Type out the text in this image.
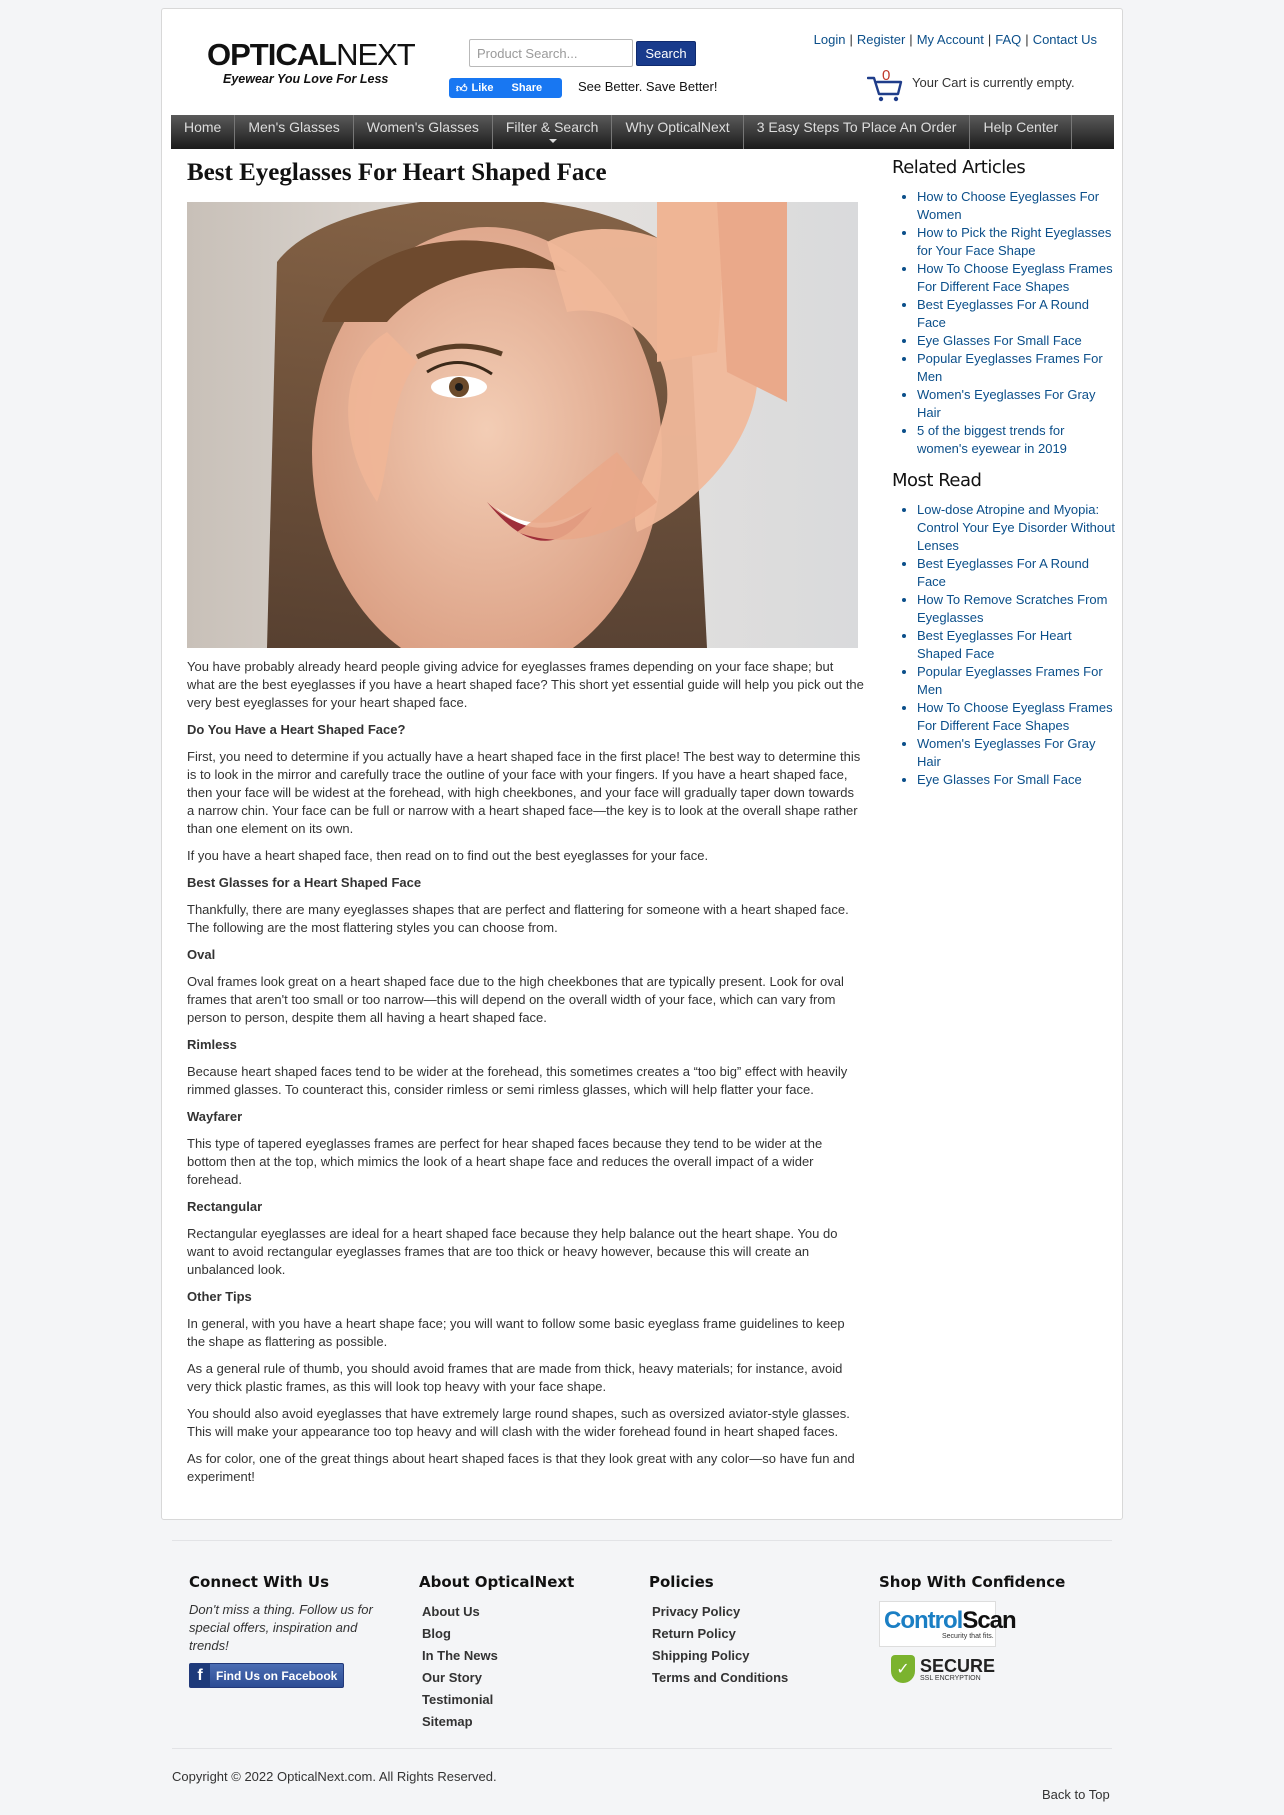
OPTICALNEXT
Eyewear You Love For Less
Product Search...
Search
👍︎ Like Share	See Better. Save Better!
Login | Register | My Account | FAQ | Contact Us
0 Your Cart is currently empty.
Home	Men's Glasses	Women's Glasses	Filter & Search	Why OpticalNext	3 Easy Steps To Place An Order	Help Center
Best Eyeglasses For Heart Shaped Face

You have probably already heard people giving advice for eyeglasses frames depending on your face shape; but what are the best eyeglasses if you have a heart shaped face? This short yet essential guide will help you pick out the very best eyeglasses for your heart shaped face.

Do You Have a Heart Shaped Face?

First, you need to determine if you actually have a heart shaped face in the first place! The best way to determine this is to look in the mirror and carefully trace the outline of your face with your fingers. If you have a heart shaped face, then your face will be widest at the forehead, with high cheekbones, and your face will gradually taper down towards a narrow chin. Your face can be full or narrow with a heart shaped face—the key is to look at the overall shape rather than one element on its own.

If you have a heart shaped face, then read on to find out the best eyeglasses for your face.

Best Glasses for a Heart Shaped Face

Thankfully, there are many eyeglasses shapes that are perfect and flattering for someone with a heart shaped face. The following are the most flattering styles you can choose from.

Oval

Oval frames look great on a heart shaped face due to the high cheekbones that are typically present. Look for oval frames that aren't too small or too narrow—this will depend on the overall width of your face, which can vary from person to person, despite them all having a heart shaped face.

Rimless

Because heart shaped faces tend to be wider at the forehead, this sometimes creates a “too big” effect with heavily rimmed glasses. To counteract this, consider rimless or semi rimless glasses, which will help flatter your face.

Wayfarer

This type of tapered eyeglasses frames are perfect for hear shaped faces because they tend to be wider at the bottom then at the top, which mimics the look of a heart shape face and reduces the overall impact of a wider forehead.

Rectangular

Rectangular eyeglasses are ideal for a heart shaped face because they help balance out the heart shape. You do want to avoid rectangular eyeglasses frames that are too thick or heavy however, because this will create an unbalanced look.

Other Tips

In general, with you have a heart shape face; you will want to follow some basic eyeglass frame guidelines to keep the shape as flattering as possible.

As a general rule of thumb, you should avoid frames that are made from thick, heavy materials; for instance, avoid very thick plastic frames, as this will look top heavy with your face shape.

You should also avoid eyeglasses that have extremely large round shapes, such as oversized aviator-style glasses. This will make your appearance too top heavy and will clash with the wider forehead found in heart shaped faces.

As for color, one of the great things about heart shaped faces is that they look great with any color—so have fun and experiment!

Related Articles
• How to Choose Eyeglasses For Women
• How to Pick the Right Eyeglasses for Your Face Shape
• How To Choose Eyeglass Frames For Different Face Shapes
• Best Eyeglasses For A Round Face
• Eye Glasses For Small Face
• Popular Eyeglasses Frames For Men
• Women's Eyeglasses For Gray Hair
• 5 of the biggest trends for women's eyewear in 2019
Most Read
• Low-dose Atropine and Myopia: Control Your Eye Disorder Without Lenses
• Best Eyeglasses For A Round Face
• How To Remove Scratches From Eyeglasses
• Best Eyeglasses For Heart Shaped Face
• Popular Eyeglasses Frames For Men
• How To Choose Eyeglass Frames For Different Face Shapes
• Women's Eyeglasses For Gray Hair
• Eye Glasses For Small Face
Connect With Us
Don't miss a thing. Follow us for special offers, inspiration and trends!
f	Find Us on Facebook
About OpticalNext
About Us
Blog
In The News
Our Story
Testimonial
Sitemap
Policies
Privacy Policy
Return Policy
Shipping Policy
Terms and Conditions
Shop With Confidence
ControlScan
Security that fits.
✓ SECURE
SSL ENCRYPTION
Copyright © 2022 OpticalNext.com. All Rights Reserved.
Back to Top
